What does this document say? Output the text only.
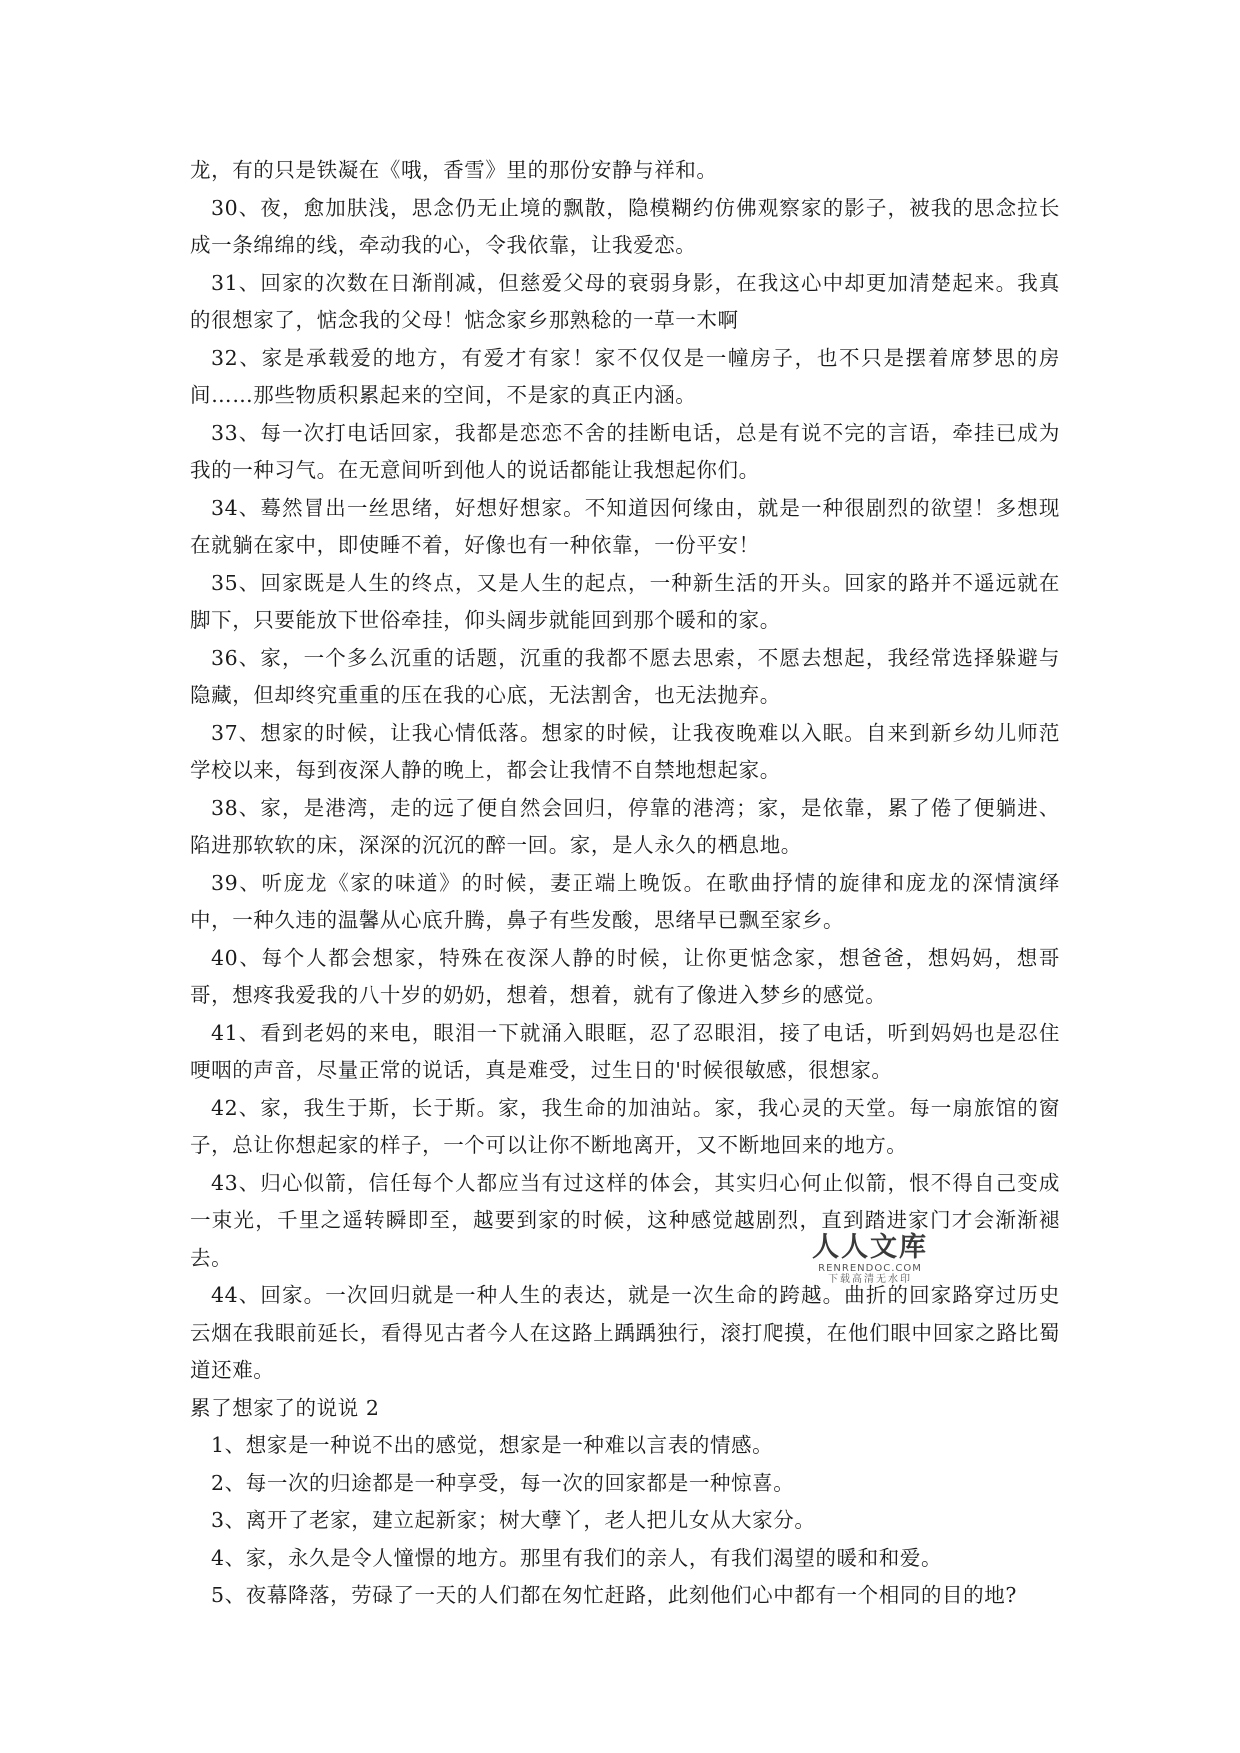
龙，有的只是铁凝在《哦，香雪》里的那份安静与祥和。

30、夜，愈加肤浅，思念仍无止境的飘散，隐模糊约仿佛观察家的影子，被我的思念拉长成一条绵绵的线，牵动我的心，令我依靠，让我爱恋。

31、回家的次数在日渐削减，但慈爱父母的衰弱身影，在我这心中却更加清楚起来。我真的很想家了，惦念我的父母！惦念家乡那熟稔的一草一木啊

32、家是承载爱的地方，有爱才有家！家不仅仅是一幢房子，也不只是摆着席梦思的房间……那些物质积累起来的空间，不是家的真正内涵。

33、每一次打电话回家，我都是恋恋不舍的挂断电话，总是有说不完的言语，牵挂已成为我的一种习气。在无意间听到他人的说话都能让我想起你们。

34、蓦然冒出一丝思绪，好想好想家。不知道因何缘由，就是一种很剧烈的欲望！多想现在就躺在家中，即使睡不着，好像也有一种依靠，一份平安！

35、回家既是人生的终点，又是人生的起点，一种新生活的开头。回家的路并不遥远就在脚下，只要能放下世俗牵挂，仰头阔步就能回到那个暖和的家。

36、家，一个多么沉重的话题，沉重的我都不愿去思索，不愿去想起，我经常选择躲避与隐藏，但却终究重重的压在我的心底，无法割舍，也无法抛弃。

37、想家的时候，让我心情低落。想家的时候，让我夜晚难以入眠。自来到新乡幼儿师范学校以来，每到夜深人静的晚上，都会让我情不自禁地想起家。

38、家，是港湾，走的远了便自然会回归，停靠的港湾；家，是依靠，累了倦了便躺进、陷进那软软的床，深深的沉沉的醉一回。家，是人永久的栖息地。

39、听庞龙《家的味道》的时候，妻正端上晚饭。在歌曲抒情的旋律和庞龙的深情演绎中，一种久违的温馨从心底升腾，鼻子有些发酸，思绪早已飘至家乡。

40、每个人都会想家，特殊在夜深人静的时候，让你更惦念家，想爸爸，想妈妈，想哥哥，想疼我爱我的八十岁的奶奶，想着，想着，就有了像进入梦乡的感觉。

41、看到老妈的来电，眼泪一下就涌入眼眶，忍了忍眼泪，接了电话，听到妈妈也是忍住哽咽的声音，尽量正常的说话，真是难受，过生日的'时候很敏感，很想家。

42、家，我生于斯，长于斯。家，我生命的加油站。家，我心灵的天堂。每一扇旅馆的窗子，总让你想起家的样子，一个可以让你不断地离开，又不断地回来的地方。

43、归心似箭，信任每个人都应当有过这样的体会，其实归心何止似箭，恨不得自己变成一束光，千里之遥转瞬即至，越要到家的时候，这种感觉越剧烈，直到踏进家门才会渐渐褪去。

44、回家。一次回归就是一种人生的表达，就是一次生命的跨越。曲折的回家路穿过历史云烟在我眼前延长，看得见古者今人在这路上踽踽独行，滚打爬摸，在他们眼中回家之路比蜀道还难。

累了想家了的说说 2

1、想家是一种说不出的感觉，想家是一种难以言表的情感。

2、每一次的归途都是一种享受，每一次的回家都是一种惊喜。

3、离开了老家，建立起新家；树大孽丫，老人把儿女从大家分。

4、家，永久是令人憧憬的地方。那里有我们的亲人，有我们渴望的暖和和爱。

5、夜幕降落，劳碌了一天的人们都在匆忙赶路，此刻他们心中都有一个相同的目的地?

人人文库
RENRENDOC.COM
下载高清无水印
